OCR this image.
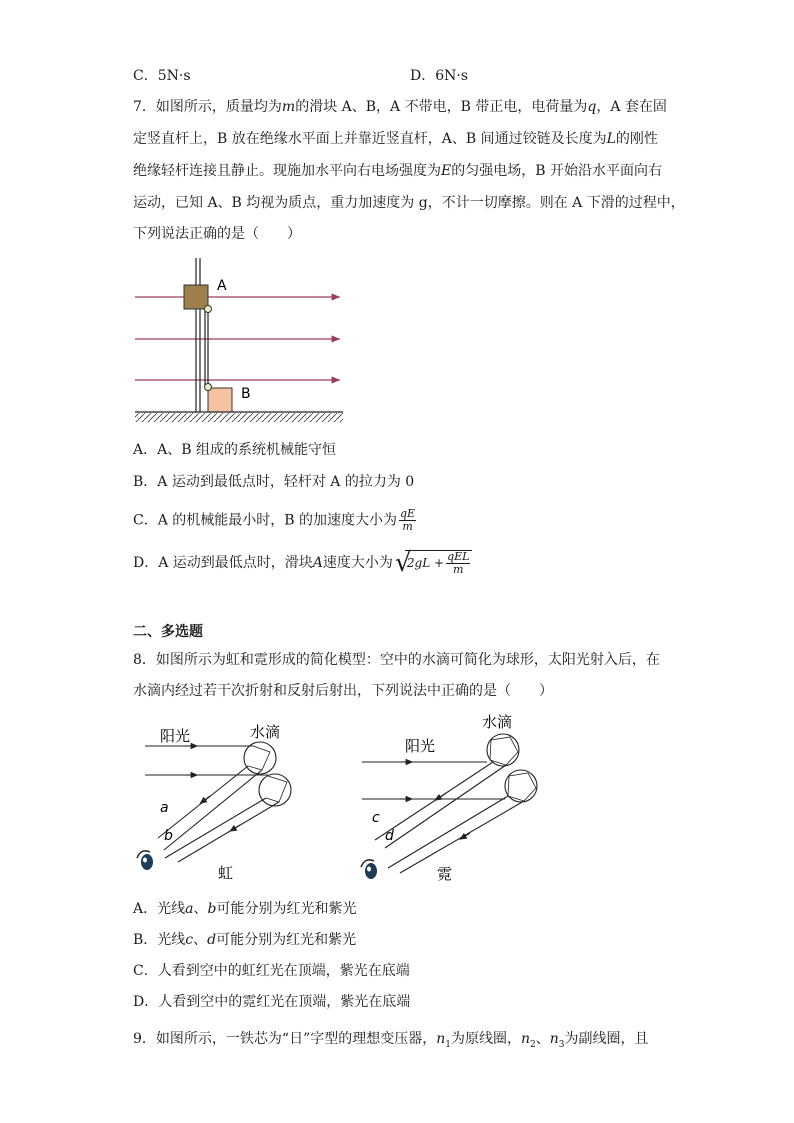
C．5N·s	D．6N·s
7．如图所示，质量均为m的滑块 A、B，A 不带电，B 带正电，电荷量为q，A 套在固
定竖直杆上，B 放在绝缘水平面上并靠近竖直杆，A、B 间通过铰链及长度为L的刚性
绝缘轻杆连接且静止。现施加水平向右电场强度为E的匀强电场，B 开始沿水平面向右
运动，已知 A、B 均视为质点，重力加速度为 g，不计一切摩擦。则在 A 下滑的过程中，
下列说法正确的是（　　）
A
B
A．A、B 组成的系统机械能守恒
B．A 运动到最低点时，轻杆对 A 的拉力为 0
C．A 的机械能最小时，B 的加速度大小为 $\frac{qE}{m}$
D．A 运动到最低点时，滑块A速度大小为 √
$2gL + \frac{\text{qEL}}{m}$
二、多选题
8．如图所示为虹和霓形成的简化模型：空中的水滴可简化为球形，太阳光射入后，在
水滴内经过若干次折射和反射后射出，下列说法中正确的是（　　）
阳光	水滴
a
b
虹
水滴
阳光
c
d
霓
A．光线a、b可能分别为红光和紫光
B．光线c、d可能分别为红光和紫光
C．人看到空中的虹红光在顶端，紫光在底端
D．人看到空中的霓红光在顶端，紫光在底端
9．如图所示，一铁芯为“日”字型的理想变压器，$n_1$为原线圈，$n_2$、$n_3$为副线圈，且
